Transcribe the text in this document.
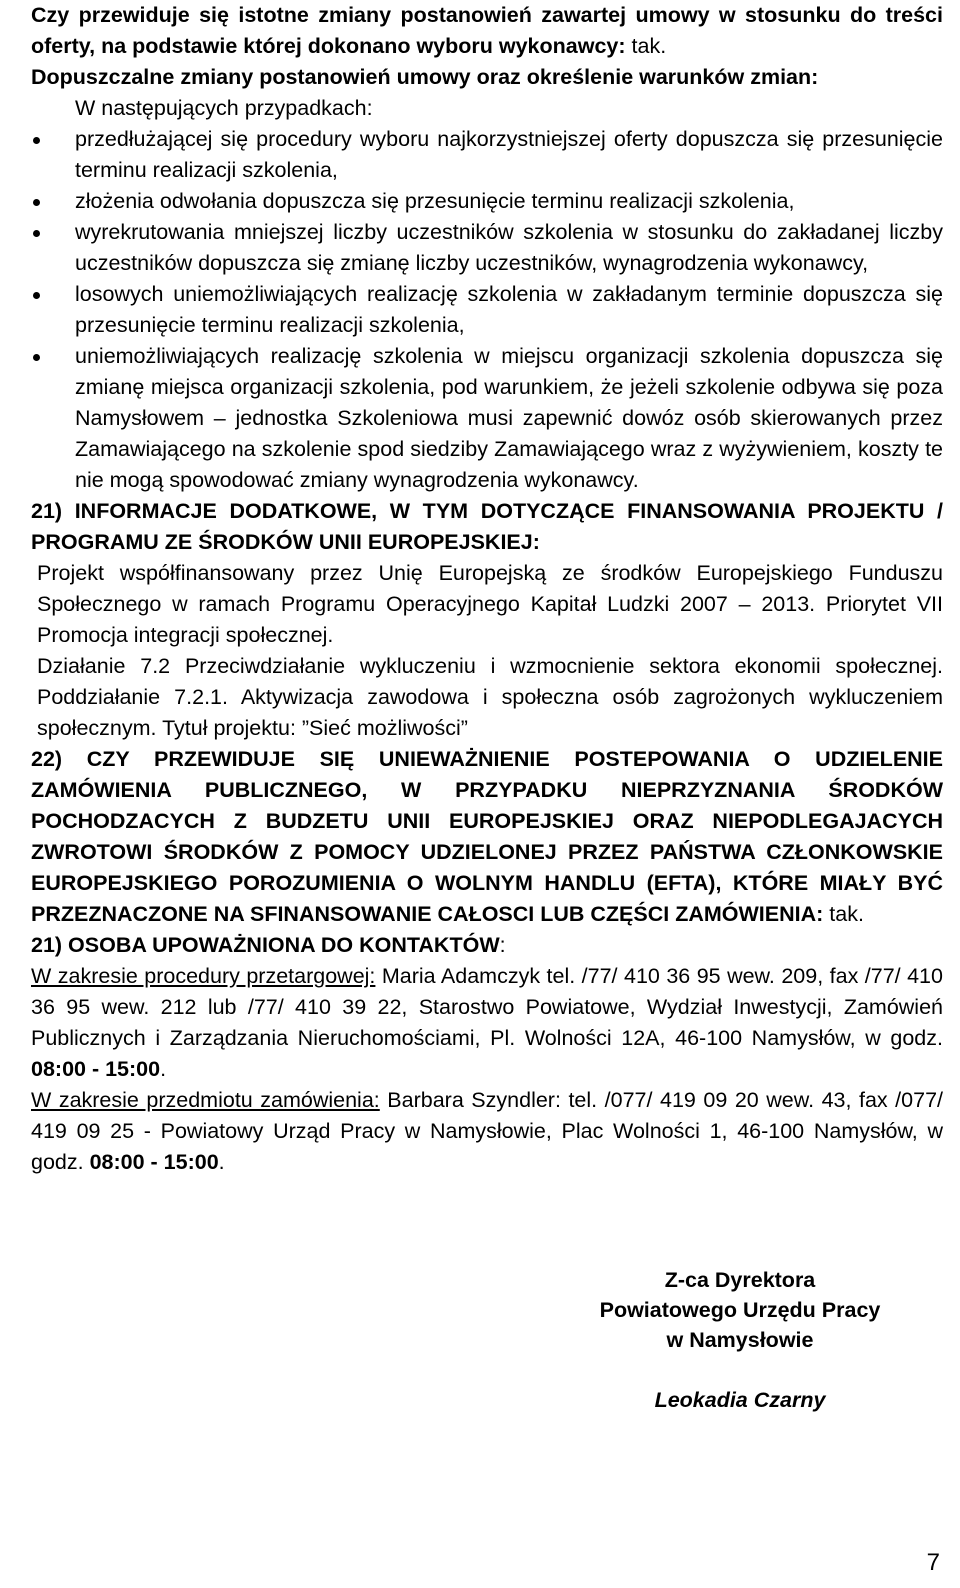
Czy przewiduje się istotne zmiany postanowień zawartej umowy w stosunku do treści oferty, na podstawie której dokonano wyboru wykonawcy: tak.

Dopuszczalne zmiany postanowień umowy oraz określenie warunków zmian:

W następujących przypadkach:

przedłużającej się procedury wyboru najkorzystniejszej oferty dopuszcza się przesunięcie terminu realizacji szkolenia,
złożenia odwołania dopuszcza się przesunięcie terminu realizacji szkolenia,
wyrekrutowania mniejszej liczby uczestników szkolenia w stosunku do zakładanej liczby uczestników dopuszcza się zmianę liczby uczestników, wynagrodzenia wykonawcy,
losowych uniemożliwiających realizację szkolenia w zakładanym terminie dopuszcza się przesunięcie terminu realizacji szkolenia,
uniemożliwiających realizację szkolenia w miejscu organizacji szkolenia dopuszcza się zmianę miejsca organizacji szkolenia, pod warunkiem, że jeżeli szkolenie odbywa się poza Namysłowem – jednostka Szkoleniowa musi zapewnić dowóz osób skierowanych przez Zamawiającego na szkolenie spod siedziby Zamawiającego wraz z wyżywieniem, koszty te nie mogą spowodować zmiany wynagrodzenia wykonawcy.

21) INFORMACJE DODATKOWE, W TYM DOTYCZĄCE FINANSOWANIA PROJEKTU / PROGRAMU ZE ŚRODKÓW UNII EUROPEJSKIEJ:

Projekt współfinansowany przez Unię Europejską ze środków Europejskiego Funduszu Społecznego w ramach Programu Operacyjnego Kapitał Ludzki 2007 – 2013. Priorytet VII Promocja integracji społecznej.

Działanie 7.2 Przeciwdziałanie wykluczeniu i wzmocnienie sektora ekonomii społecznej. Poddziałanie 7.2.1. Aktywizacja zawodowa i społeczna osób zagrożonych wykluczeniem społecznym. Tytuł projektu: ”Sieć możliwości”

22) CZY PRZEWIDUJE SIĘ UNIEWAŻNIENIE POSTEPOWANIA O UDZIELENIE ZAMÓWIENIA PUBLICZNEGO, W PRZYPADKU NIEPRZYZNANIA ŚRODKÓW POCHODZACYCH Z BUDZETU UNII EUROPEJSKIEJ ORAZ NIEPODLEGAJACYCH ZWROTOWI ŚRODKÓW Z POMOCY UDZIELONEJ PRZEZ PAŃSTWA CZŁONKOWSKIE EUROPEJSKIEGO POROZUMIENIA O WOLNYM HANDLU (EFTA), KTÓRE MIAŁY BYĆ PRZEZNACZONE NA SFINANSOWANIE CAŁOSCI LUB CZĘŚCI ZAMÓWIENIA: tak.

21) OSOBA UPOWAŻNIONA DO KONTAKTÓW:

W zakresie procedury przetargowej: Maria Adamczyk tel. /77/ 410 36 95 wew. 209, fax /77/ 410 36 95 wew. 212 lub /77/ 410 39 22, Starostwo Powiatowe, Wydział Inwestycji, Zamówień Publicznych i Zarządzania Nieruchomościami, Pl. Wolności 12A, 46-100 Namysłów, w godz. 08:00 - 15:00.

W zakresie przedmiotu zamówienia: Barbara Szyndler: tel. /077/ 419 09 20 wew. 43, fax /077/ 419 09 25 - Powiatowy Urząd Pracy w Namysłowie, Plac Wolności 1, 46-100 Namysłów, w godz. 08:00 - 15:00.

Z-ca Dyrektora
Powiatowego Urzędu Pracy
w Namysłowie
Leokadia Czarny
7
